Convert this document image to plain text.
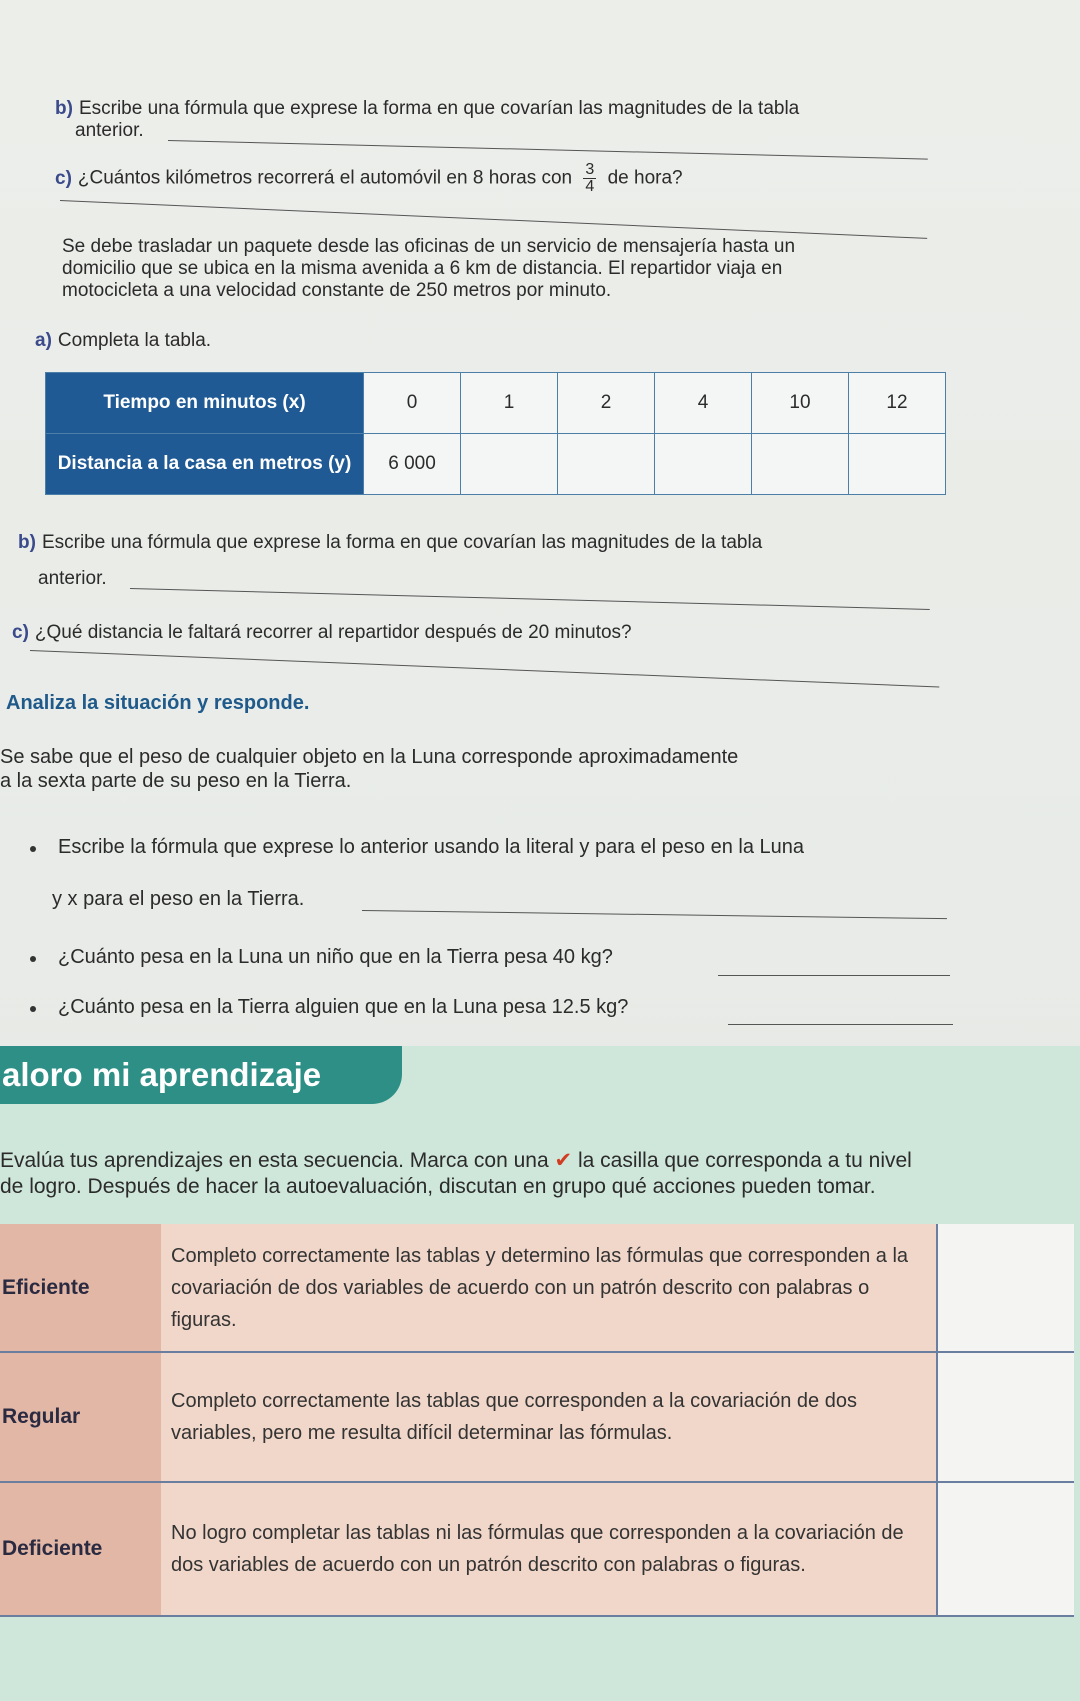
b) Escribe una fórmula que exprese la forma en que covarían las magnitudes de la tabla
anterior.
c) ¿Cuántos kilómetros recorrerá el automóvil en 8 horas con $\frac{3}{4}$ de hora?
Se debe trasladar un paquete desde las oficinas de un servicio de mensajería hasta un
domicilio que se ubica en la misma avenida a 6 km de distancia. El repartidor viaja en
motocicleta a una velocidad constante de 250 metros por minuto.
a) Completa la tabla.
Tiempo en minutos (x)	0	1	2	4	10	12
Distancia a la casa en metros (y)	6 000					
b) Escribe una fórmula que exprese la forma en que covarían las magnitudes de la tabla
anterior.
c) ¿Qué distancia le faltará recorrer al repartidor después de 20 minutos?
Analiza la situación y responde.
Se sabe que el peso de cualquier objeto en la Luna corresponde aproximadamente
a la sexta parte de su peso en la Tierra.
Escribe la fórmula que exprese lo anterior usando la literal y para el peso en la Luna
y x para el peso en la Tierra.
¿Cuánto pesa en la Luna un niño que en la Tierra pesa 40 kg?
¿Cuánto pesa en la Tierra alguien que en la Luna pesa 12.5 kg?
aloro mi aprendizaje
Evalúa tus aprendizajes en esta secuencia. Marca con una ✔ la casilla que corresponda a tu nivel
de logro. Después de hacer la autoevaluación, discutan en grupo qué acciones pueden tomar.
Eficiente	Completo correctamente las tablas y determino las fórmulas que corresponden a la covariación de dos variables de acuerdo con un patrón descrito con palabras o figuras.	
Regular	Completo correctamente las tablas que corresponden a la covariación de dos variables, pero me resulta difícil determinar las fórmulas.	
Deficiente	No logro completar las tablas ni las fórmulas que corresponden a la covariación de dos variables de acuerdo con un patrón descrito con palabras o figuras.	
